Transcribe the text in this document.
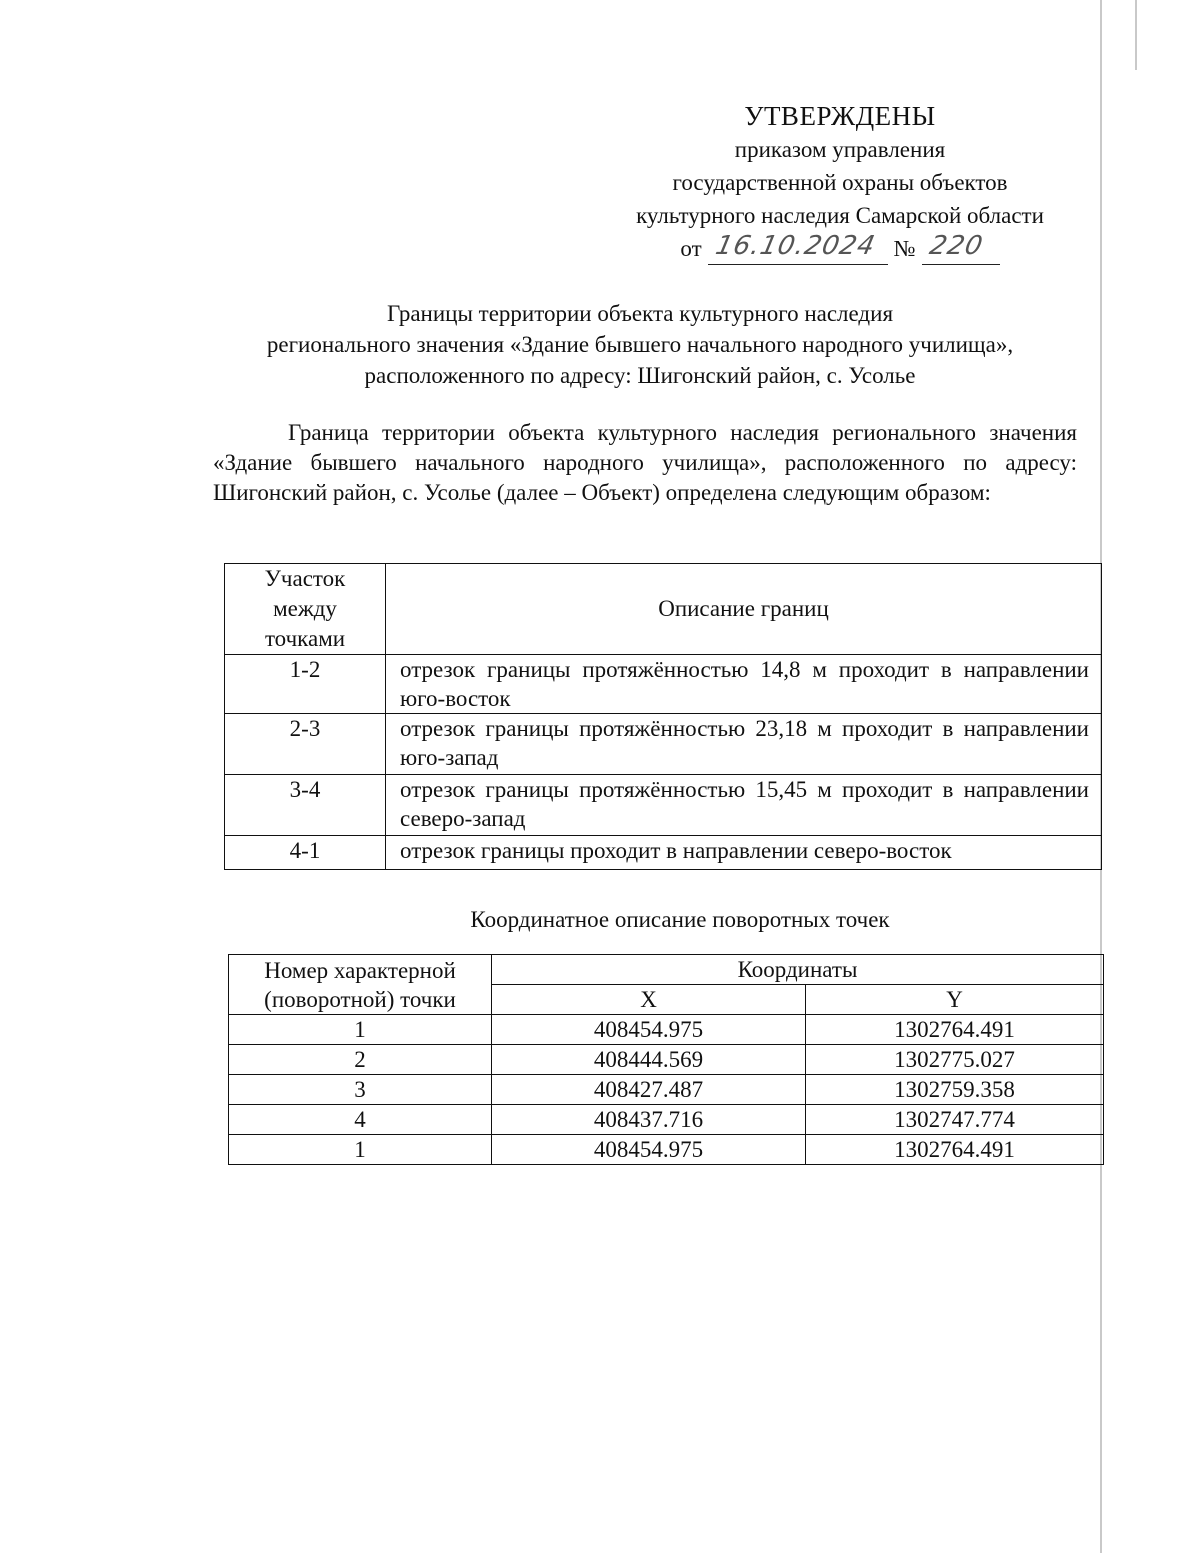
УТВЕРЖДЕНЫ
приказом управления
государственной охраны объектов
культурного наследия Самарской области
от 16.10.2024 № 220
Границы территории объекта культурного наследия
регионального значения «Здание бывшего начального народного училища»,
расположенного по адресу: Шигонский район, с. Усолье
Граница территории объекта культурного наследия регионального значения «Здание бывшего начального народного училища», расположенного по адресу: Шигонский район, с. Усолье (далее – Объект) определена следующим образом:
Участок
между
точками	Описание границ
1-2	отрезок границы протяжённостью 14,8 м проходит в направлении юго-восток
2-3	отрезок границы протяжённостью 23,18 м проходит в направлении юго-запад
3-4	отрезок границы протяжённостью 15,45 м проходит в направлении северо-запад
4-1	отрезок границы проходит в направлении северо-восток
Координатное описание поворотных точек
Номер характерной
(поворотной) точки	Координаты	
	X	Y
1	408454.975	1302764.491
2	408444.569	1302775.027
3	408427.487	1302759.358
4	408437.716	1302747.774
1	408454.975	1302764.491
